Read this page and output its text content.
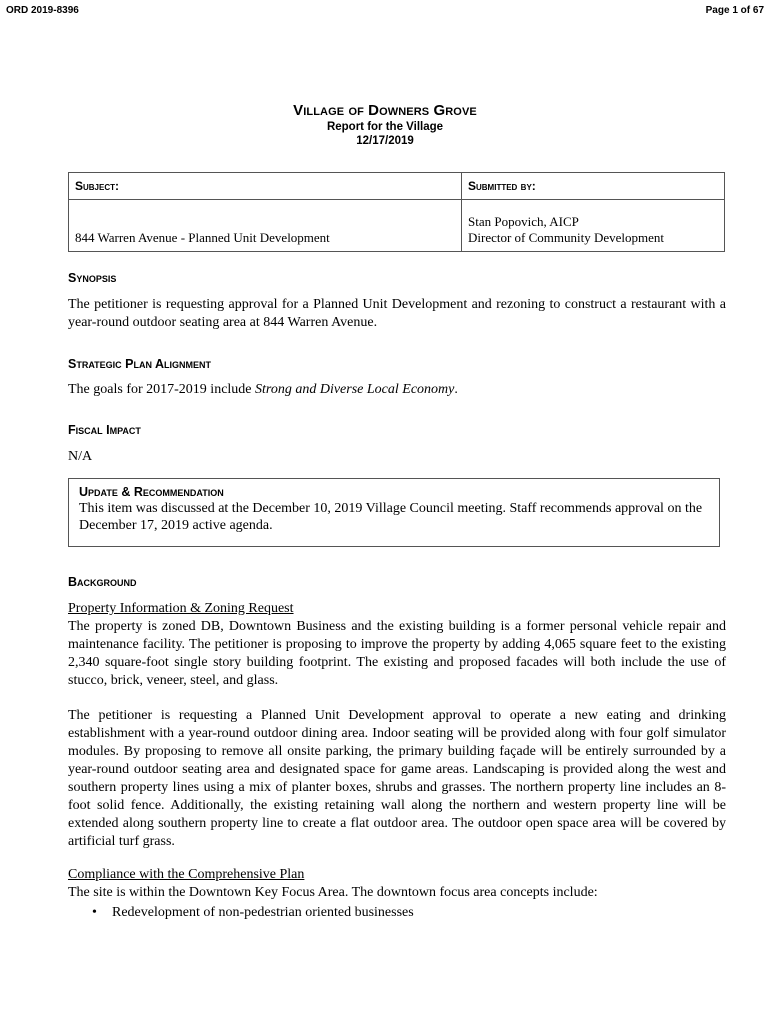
ORD 2019-8396	Page 1 of 67
Village of Downers Grove
Report for the Village
12/17/2019
Subject:	Submitted by:
844 Warren Avenue - Planned Unit Development	Stan Popovich, AICP
Director of Community Development
Synopsis
The petitioner is requesting approval for a Planned Unit Development and rezoning to construct a restaurant with a year-round outdoor seating area at 844 Warren Avenue.
Strategic Plan Alignment
The goals for 2017-2019 include Strong and Diverse Local Economy.
Fiscal Impact
N/A
Update & Recommendation
This item was discussed at the December 10, 2019 Village Council meeting. Staff recommends approval on the December 17, 2019 active agenda.
Background
Property Information & Zoning Request
The property is zoned DB, Downtown Business and the existing building is a former personal vehicle repair and maintenance facility. The petitioner is proposing to improve the property by adding 4,065 square feet to the existing 2,340 square-foot single story building footprint. The existing and proposed facades will both include the use of stucco, brick, veneer, steel, and glass.
The petitioner is requesting a Planned Unit Development approval to operate a new eating and drinking establishment with a year-round outdoor dining area. Indoor seating will be provided along with four golf simulator modules. By proposing to remove all onsite parking, the primary building façade will be entirely surrounded by a year-round outdoor seating area and designated space for game areas. Landscaping is provided along the west and southern property lines using a mix of planter boxes, shrubs and grasses. The northern property line includes an 8-foot solid fence. Additionally, the existing retaining wall along the northern and western property line will be extended along southern property line to create a flat outdoor area. The outdoor open space area will be covered by artificial turf grass.
Compliance with the Comprehensive Plan
The site is within the Downtown Key Focus Area. The downtown focus area concepts include:
• Redevelopment of non-pedestrian oriented businesses
